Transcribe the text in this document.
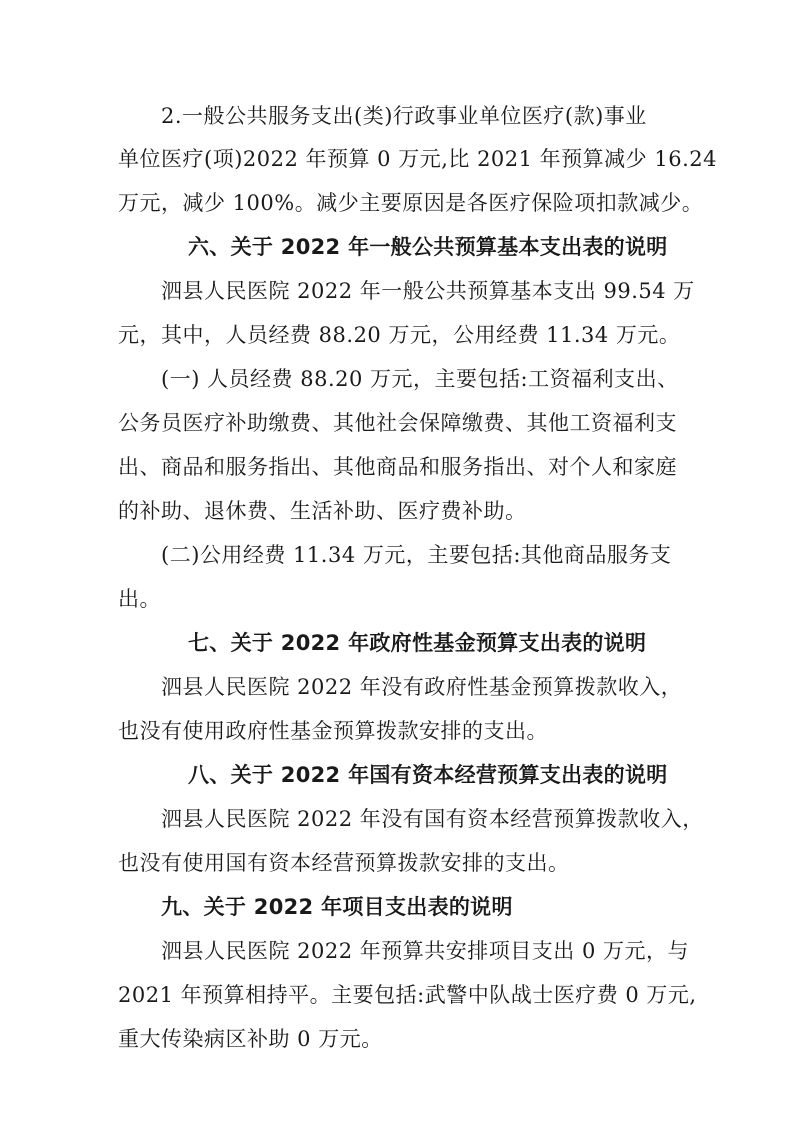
2.一般公共服务支出(类)行政事业单位医疗(款)事业
单位医疗(项)2022 年预算 0 万元,比 2021 年预算减少 16.24
万元，减少 100%。减少主要原因是各医疗保险项扣款减少。
六、关于 2022 年一般公共预算基本支出表的说明
泗县人民医院 2022 年一般公共预算基本支出 99.54 万
元，其中，人员经费 88.20 万元，公用经费 11.34 万元。
(一) 人员经费 88.20 万元，主要包括:工资福利支出、
公务员医疗补助缴费、其他社会保障缴费、其他工资福利支
出、商品和服务指出、其他商品和服务指出、对个人和家庭
的补助、退休费、生活补助、医疗费补助。
(二)公用经费 11.34 万元，主要包括:其他商品服务支
出。
七、关于 2022 年政府性基金预算支出表的说明
泗县人民医院 2022 年没有政府性基金预算拨款收入，
也没有使用政府性基金预算拨款安排的支出。
八、关于 2022 年国有资本经营预算支出表的说明
泗县人民医院 2022 年没有国有资本经营预算拨款收入，
也没有使用国有资本经营预算拨款安排的支出。
九、关于 2022 年项目支出表的说明
泗县人民医院 2022 年预算共安排项目支出 0 万元，与
2021 年预算相持平。主要包括:武警中队战士医疗费 0 万元,
重大传染病区补助 0 万元。
